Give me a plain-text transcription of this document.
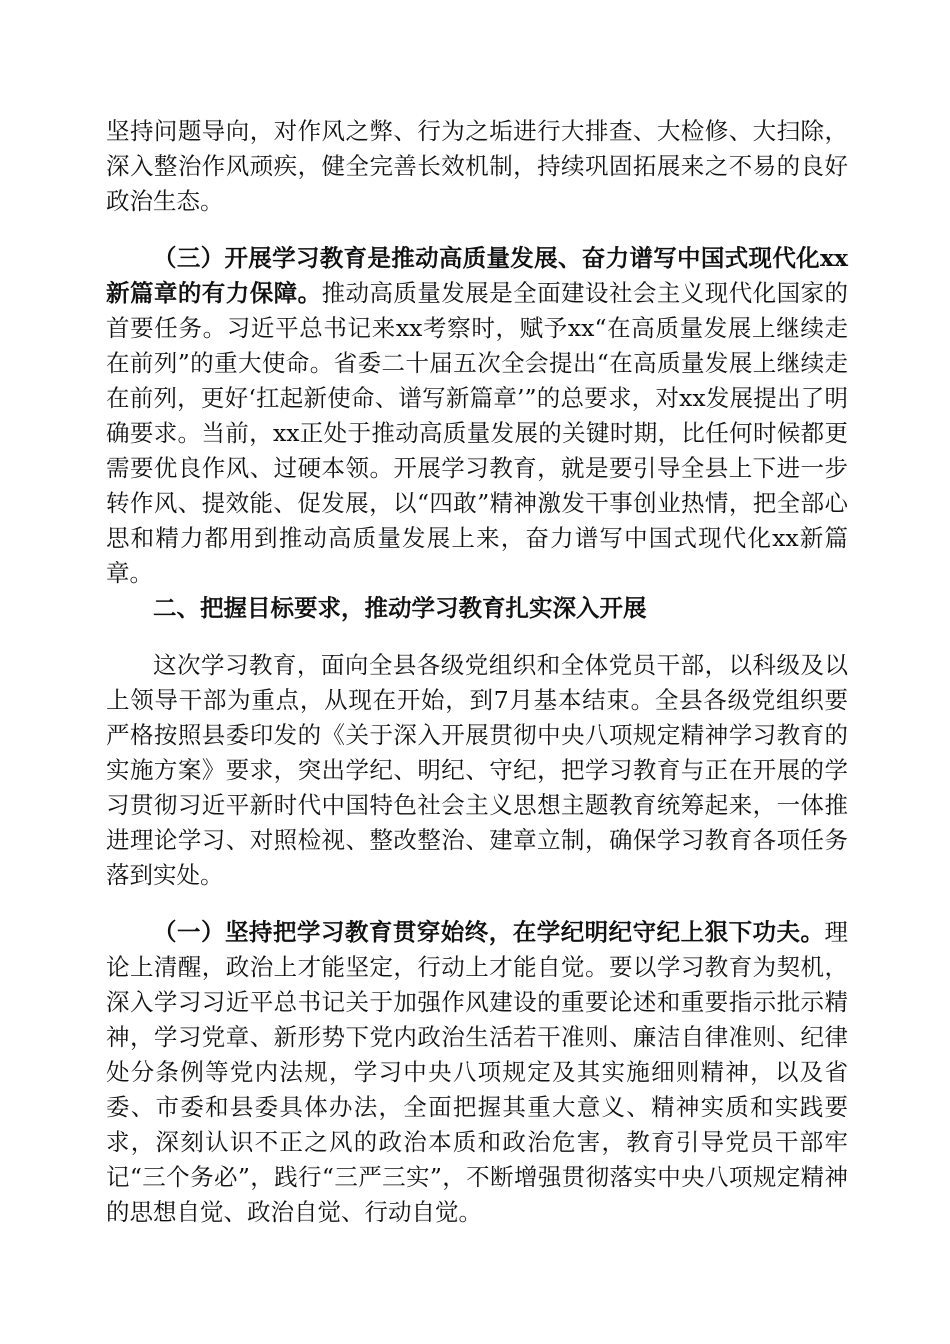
坚持问题导向，对作风之弊、行为之垢进行大排查、大检修、大扫除，深入整治作风顽疾，健全完善长效机制，持续巩固拓展来之不易的良好政治生态。

（三）开展学习教育是推动高质量发展、奋力谱写中国式现代化xx新篇章的有力保障。推动高质量发展是全面建设社会主义现代化国家的首要任务。习近平总书记来xx考察时，赋予xx“在高质量发展上继续走在前列”的重大使命。省委二十届五次全会提出“在高质量发展上继续走在前列，更好‘扛起新使命、谱写新篇章’”的总要求，对xx发展提出了明确要求。当前，xx正处于推动高质量发展的关键时期，比任何时候都更需要优良作风、过硬本领。开展学习教育，就是要引导全县上下进一步转作风、提效能、促发展，以“四敢”精神激发干事创业热情，把全部心思和精力都用到推动高质量发展上来，奋力谱写中国式现代化xx新篇章。

二、把握目标要求，推动学习教育扎实深入开展

这次学习教育，面向全县各级党组织和全体党员干部，以科级及以上领导干部为重点，从现在开始，到7月基本结束。全县各级党组织要严格按照县委印发的《关于深入开展贯彻中央八项规定精神学习教育的实施方案》要求，突出学纪、明纪、守纪，把学习教育与正在开展的学习贯彻习近平新时代中国特色社会主义思想主题教育统筹起来，一体推进理论学习、对照检视、整改整治、建章立制，确保学习教育各项任务落到实处。

（一）坚持把学习教育贯穿始终，在学纪明纪守纪上狠下功夫。理论上清醒，政治上才能坚定，行动上才能自觉。要以学习教育为契机，深入学习习近平总书记关于加强作风建设的重要论述和重要指示批示精神，学习党章、新形势下党内政治生活若干准则、廉洁自律准则、纪律处分条例等党内法规，学习中央八项规定及其实施细则精神，以及省委、市委和县委具体办法，全面把握其重大意义、精神实质和实践要求，深刻认识不正之风的政治本质和政治危害，教育引导党员干部牢记“三个务必”，践行“三严三实”，不断增强贯彻落实中央八项规定精神的思想自觉、政治自觉、行动自觉。
